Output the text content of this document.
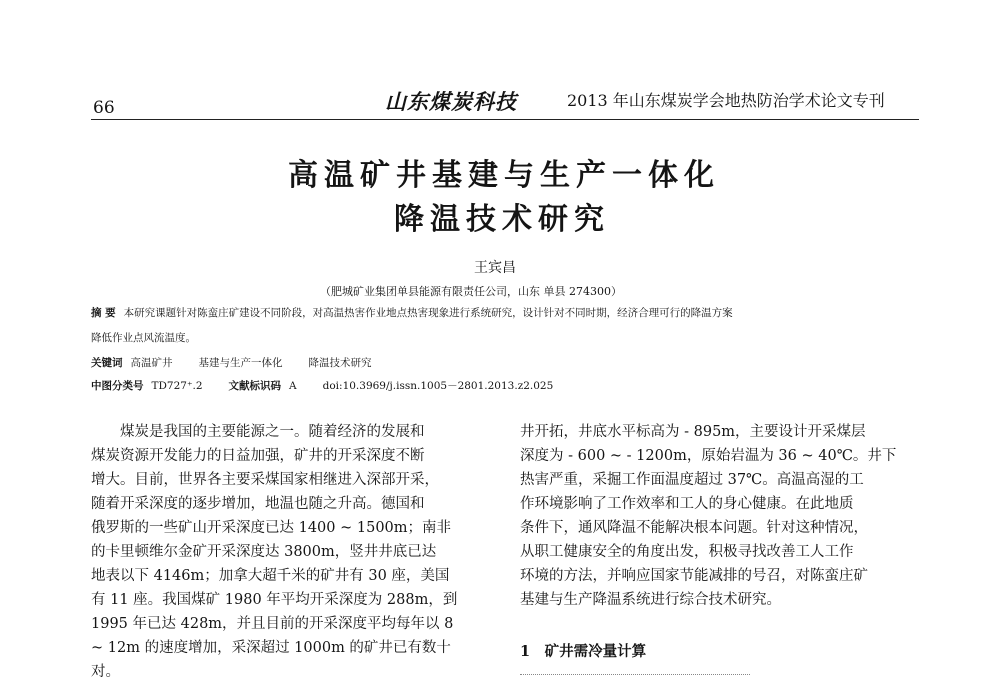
66	山东煤炭科技	2013 年山东煤炭学会地热防治学术论文专刊
高温矿井基建与生产一体化
降温技术研究
王宾昌
（肥城矿业集团单县能源有限责任公司，山东 单县 274300）
摘 要 本研究课题针对陈蛮庄矿建设不同阶段，对高温热害作业地点热害现象进行系统研究，设计针对不同时期，经济合理可行的降温方案
降低作业点风流温度。
关键词 高温矿井 基建与生产一体化 降温技术研究
中图分类号 TD727⁺.2 文献标识码 A doi:10.3969/j.issn.1005－2801.2013.z2.025
　　煤炭是我国的主要能源之一。随着经济的发展和
煤炭资源开发能力的日益加强，矿井的开采深度不断
增大。目前，世界各主要采煤国家相继进入深部开采，
随着开采深度的逐步增加，地温也随之升高。德国和
俄罗斯的一些矿山开采深度已达 1400 ~ 1500m；南非
的卡里顿维尔金矿开采深度达 3800m，竖井井底已达
地表以下 4146m；加拿大超千米的矿井有 30 座，美国
有 11 座。我国煤矿 1980 年平均开采深度为 288m，到
1995 年已达 428m，并且目前的开采深度平均每年以 8
~ 12m 的速度增加，采深超过 1000m 的矿井已有数十
对。
井开拓，井底水平标高为 - 895m，主要设计开采煤层
深度为 - 600 ~ - 1200m，原始岩温为 36 ~ 40℃。井下
热害严重，采掘工作面温度超过 37℃。高温高湿的工
作环境影响了工作效率和工人的身心健康。在此地质
条件下，通风降温不能解决根本问题。针对这种情况，
从职工健康安全的角度出发，积极寻找改善工人工作
环境的方法，并响应国家节能减排的号召，对陈蛮庄矿
基建与生产降温系统进行综合技术研究。
1　矿井需冷量计算
